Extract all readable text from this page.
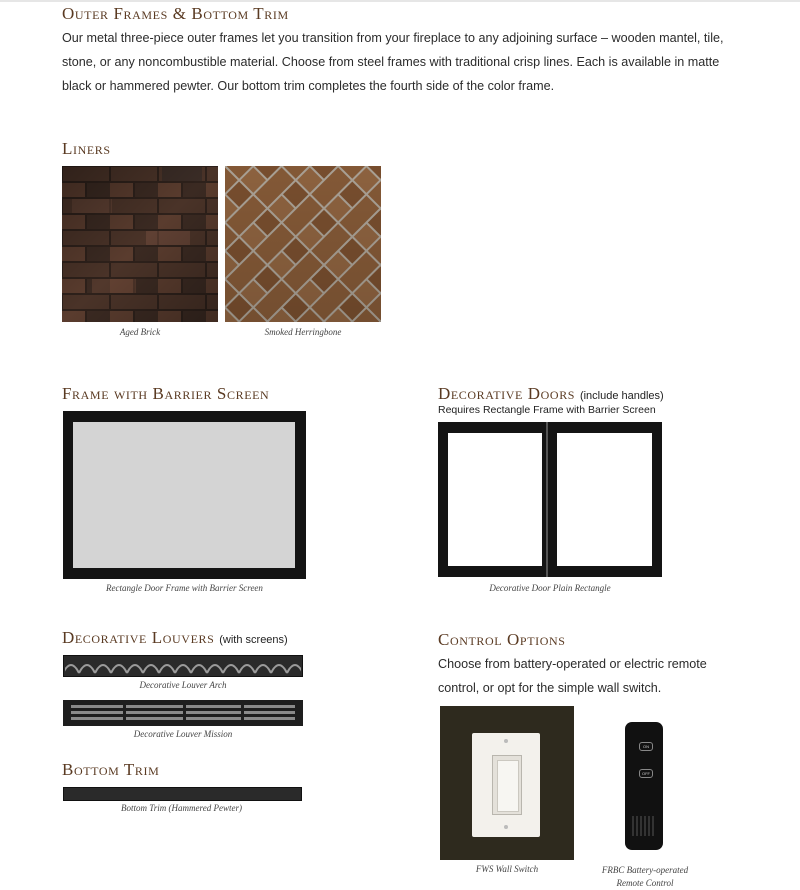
Outer Frames & Bottom Trim
Our metal three-piece outer frames let you transition from your fireplace to any adjoining surface – wooden mantel, tile, stone, or any noncombustible material. Choose from steel frames with traditional crisp lines. Each is available in matte black or hammered pewter. Our bottom trim completes the fourth side of the color frame.
Liners
Aged Brick	Smoked Herringbone
Frame with Barrier Screen
Rectangle Door Frame with Barrier Screen
Decorative Doors (include handles)
Requires Rectangle Frame with Barrier Screen
Decorative Door Plain Rectangle
Decorative Louvers (with screens)
Decorative Louver Arch
Decorative Louver Mission
Bottom Trim
Bottom Trim (Hammered Pewter)
Control Options
Choose from battery-operated or electric remote control, or opt for the simple wall switch.
FWS Wall Switch
ON
OFF
FRBC Battery-operated Remote Control
